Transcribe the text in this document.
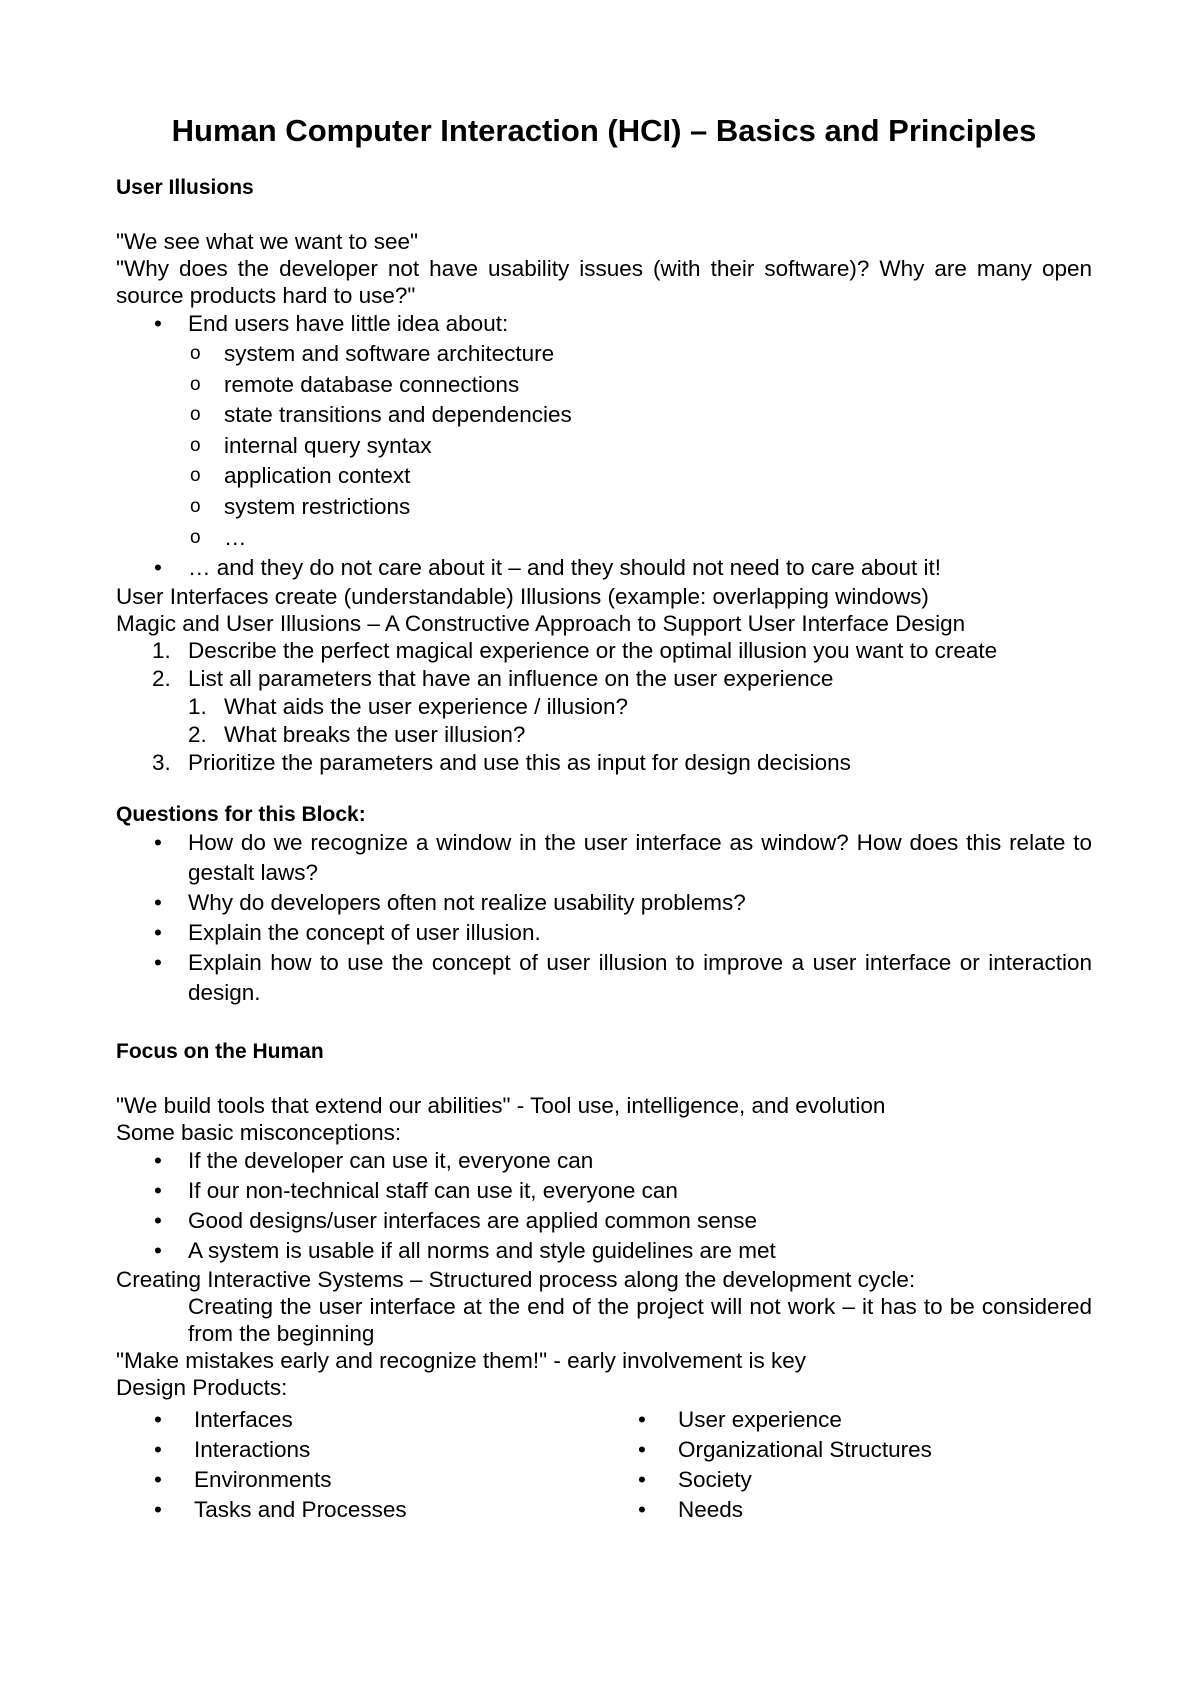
Human Computer Interaction (HCI) – Basics and Principles
User Illusions

"We see what we want to see"

"Why does the developer not have usability issues (with their software)? Why are many open source products hard to use?"

• End users have little idea about:
o system and software architecture
o remote database connections
o state transitions and dependencies
o internal query syntax
o application context
o system restrictions
o …
• … and they do not care about it – and they should not need to care about it!

User Interfaces create (understandable) Illusions (example: overlapping windows)

Magic and User Illusions – A Constructive Approach to Support User Interface Design

1. Describe the perfect magical experience or the optimal illusion you want to create
2. List all parameters that have an influence on the user experience
1. What aids the user experience / illusion?
2. What breaks the user illusion?
3. Prioritize the parameters and use this as input for design decisions
Questions for this Block:
• How do we recognize a window in the user interface as window? How does this relate to gestalt laws?
• Why do developers often not realize usability problems?
• Explain the concept of user illusion.
• Explain how to use the concept of user illusion to improve a user interface or interaction design.
Focus on the Human

"We build tools that extend our abilities" - Tool use, intelligence, and evolution

Some basic misconceptions:

• If the developer can use it, everyone can
• If our non-technical staff can use it, everyone can
• Good designs/user interfaces are applied common sense
• A system is usable if all norms and style guidelines are met

Creating Interactive Systems – Structured process along the development cycle:

Creating the user interface at the end of the project will not work – it has to be considered from the beginning

"Make mistakes early and recognize them!" - early involvement is key

Design Products:

• Interfaces
• Interactions
• Environments
• Tasks and Processes
• User experience
• Organizational Structures
• Society
• Needs
